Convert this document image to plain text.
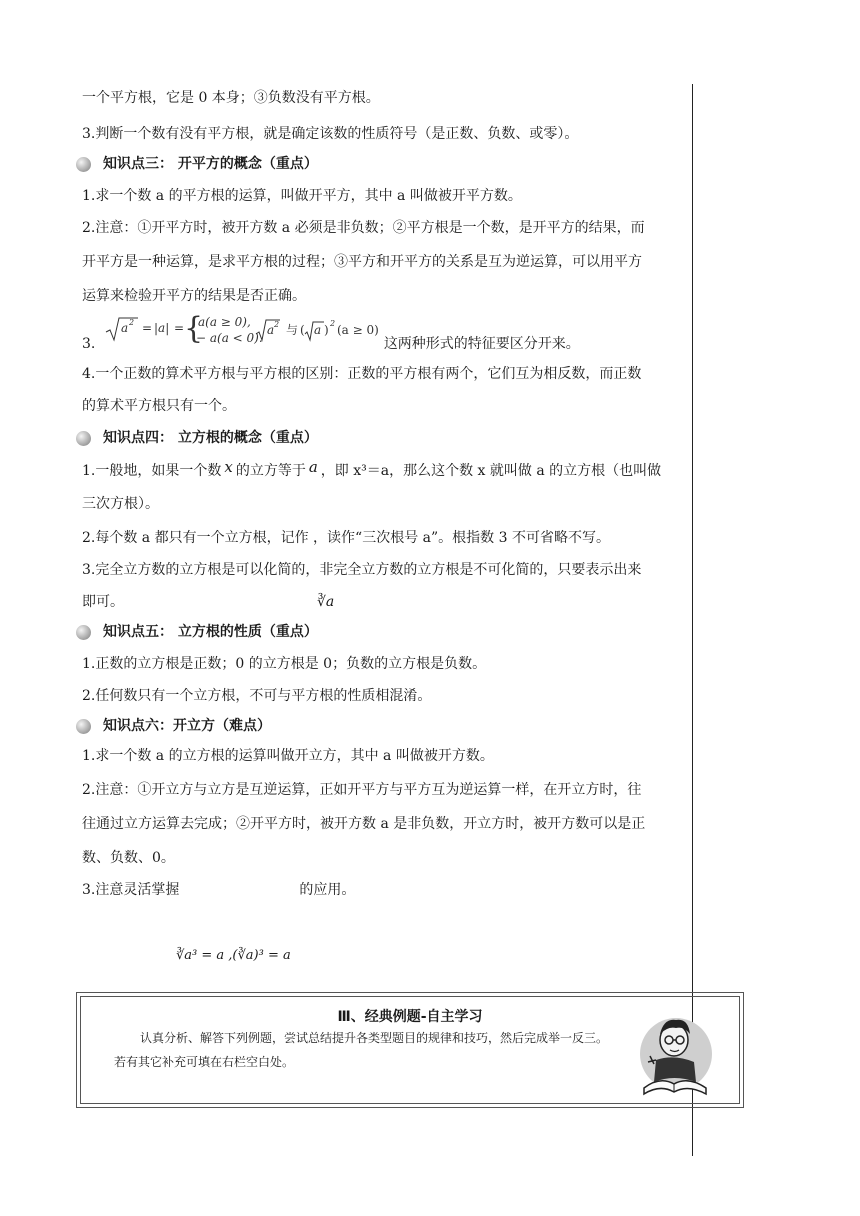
一个平方根，它是 0 本身；③负数没有平方根。
3.判断一个数有没有平方根，就是确定该数的性质符号（是正数、负数、或零）。
知识点三： 开平方的概念（重点）
1.求一个数 a 的平方根的运算，叫做开平方，其中 a 叫做被开平方数。
2.注意：①开平方时，被开方数 a 必须是非负数；②平方根是一个数，是开平方的结果，而
开平方是一种运算，是求平方根的过程；③平方和开平方的关系是互为逆运算，可以用平方
运算来检验开平方的结果是否正确。
a 2 = |a| = {
a(a ≥ 0),
− a(a < 0).
a 2 与 ( a ) 2 (a ≥ 0)
3.	这两种形式的特征要区分开来。
4.一个正数的算术平方根与平方根的区别：正数的平方根有两个，它们互为相反数，而正数
的算术平方根只有一个。
知识点四： 立方根的概念（重点）
1.一般地，如果一个数 x 的立方等于 a ，即 x³＝a，那么这个数 x 就叫做 a 的立方根（也叫做
三次方根）。
2.每个数 a 都只有一个立方根，记作 ，读作“三次根号 a”。根指数 3 不可省略不写。
3.完全立方数的立方根是可以化简的，非完全立方数的立方根是不可化简的，只要表示出来
即可。	∛a
知识点五： 立方根的性质（重点）
1.正数的立方根是正数；0 的立方根是 0；负数的立方根是负数。
2.任何数只有一个立方根，不可与平方根的性质相混淆。
知识点六：开立方（难点）
1.求一个数 a 的立方根的运算叫做开立方，其中 a 叫做被开方数。
2.注意：①开立方与立方是互逆运算，正如开平方与平方互为逆运算一样，在开立方时，往
往通过立方运算去完成；②开平方时，被开方数 a 是非负数，开立方时，被开方数可以是正
数、负数、0。
3.注意灵活掌握	的应用。
∛a³ = a ,(∛a)³ = a
Ⅲ、经典例题-自主学习
认真分析、解答下列例题，尝试总结提升各类型题目的规律和技巧，然后完成举一反三。
若有其它补充可填在右栏空白处。
